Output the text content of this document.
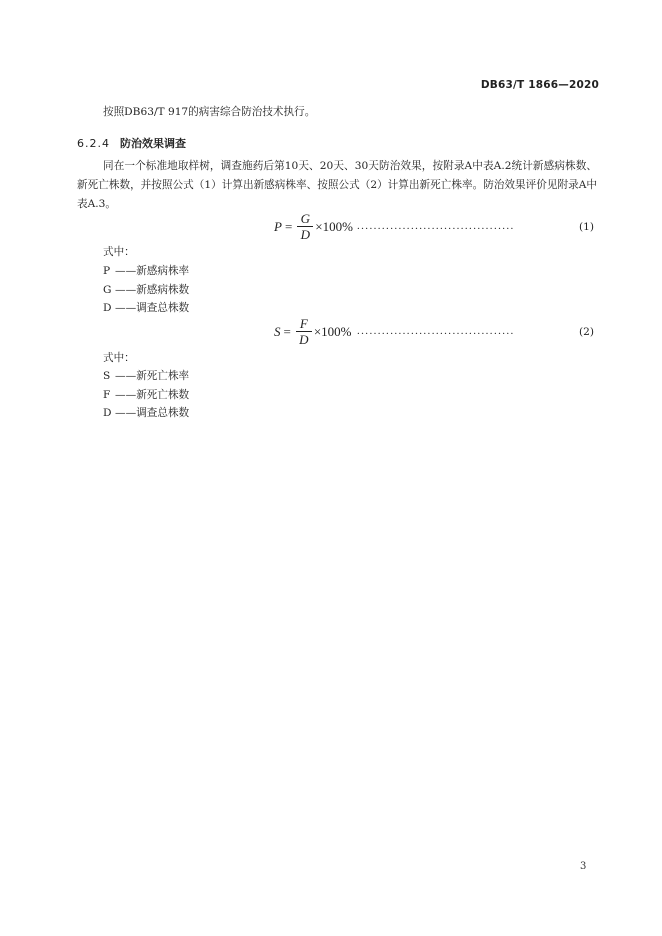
DB63/T 1866—2020
按照DB63/T 917的病害综合防治技术执行。
6.2.4 防治效果调查
同在一个标准地取样树，调查施药后第10天、20天、30天防治效果，按附录A中表A.2统计新感病株数、新死亡株数，并按照公式（1）计算出新感病株率、按照公式（2）计算出新死亡株率。防治效果评价见附录A中表A.3。
$P = \frac{G}{D} \times 100\%$ ......................................	(1)
式中：
P ——新感病株率
G ——新感病株数
D ——调查总株数
$S = \frac{F}{D} \times 100\%$ ......................................	(2)
式中：
S ——新死亡株率
F ——新死亡株数
D ——调查总株数
3
